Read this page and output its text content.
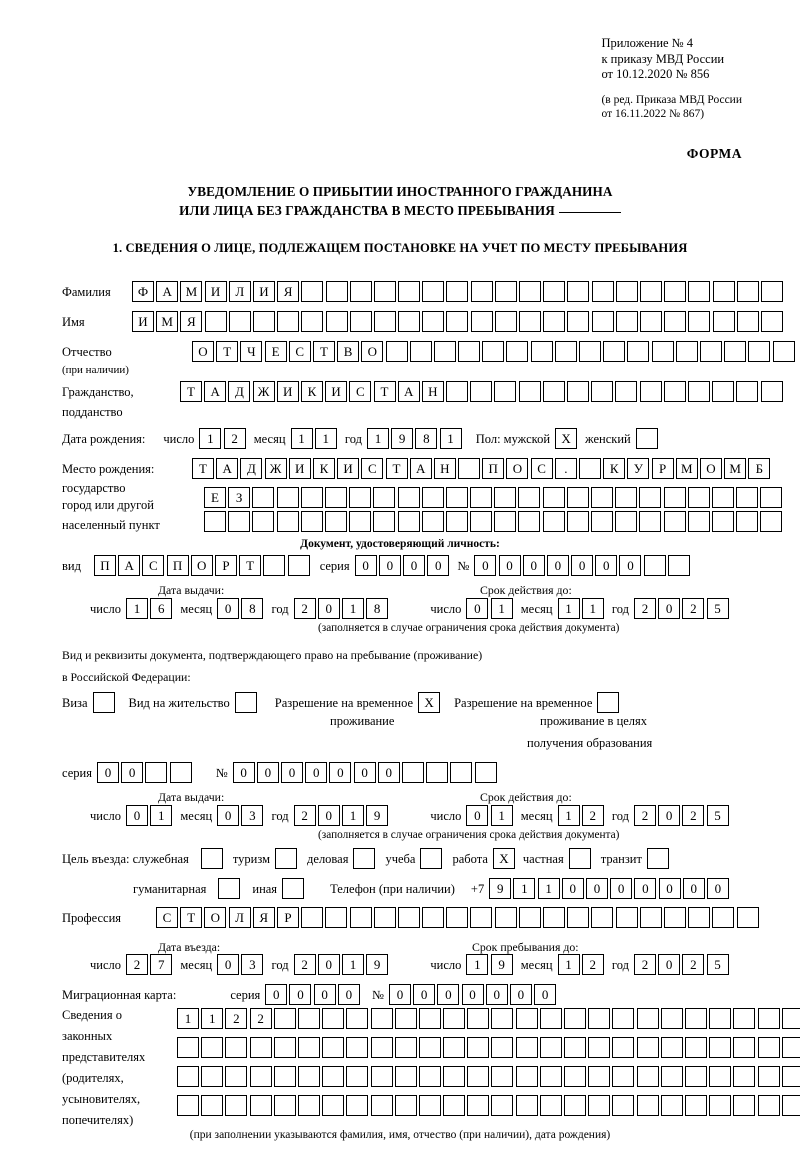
Приложение № 4
к приказу МВД России
от 10.12.2020 № 856
(в ред. Приказа МВД России
от 16.11.2022 № 867)
ФОРМА
УВЕДОМЛЕНИЕ О ПРИБЫТИИ ИНОСТРАННОГО ГРАЖДАНИНА
ИЛИ ЛИЦА БЕЗ ГРАЖДАНСТВА В МЕСТО ПРЕБЫВАНИЯ
1. СВЕДЕНИЯ О ЛИЦЕ, ПОДЛЕЖАЩЕМ ПОСТАНОВКЕ НА УЧЕТ ПО МЕСТУ ПРЕБЫВАНИЯ
Фамилия	Ф	А	М	И	Л	И	Я
Имя	И	М	Я
Отчество	О	Т	Ч	Е	С	Т	В	О
(при наличии)
Гражданство,	Т	А	Д	Ж	И	К	И	С	Т	А	Н
подданство
Дата рождения: число 1	2	месяц 1	1	год 1	9	8	1	Пол: мужской Х	женский
Место рождения:	Т	А	Д	Ж	И	К	И	С	Т	А	Н	П	О	С	.	К	У	Р	М	О	М	Б
государство
Е	З
город или другой
населенный пункт
Документ, удостоверяющий личность:
вид	П	А	С	П	О	Р	Т	серия 0	0	0	0	№ 0	0	0	0	0	0	0
Дата выдачи:	Срок действия до:
число 1	6	месяц 0	8	год 2	0	1	8	число 0	1	месяц 1	1	год 2	0	2	5
(заполняется в случае ограничения срока действия документа)
Вид и реквизиты документа, подтверждающего право на пребывание (проживание)
в Российской Федерации:
Виза	Вид на жительство	Разрешение на временное Х	Разрешение на временное
проживание	проживание в целях
получения образования
серия 0	0	№ 0	0	0	0	0	0	0
Дата выдачи:	Срок действия до:
число 0	1	месяц 0	3	год 2	0	1	9	число 0	1	месяц 1	2	год 2	0	2	5
(заполняется в случае ограничения срока действия документа)
Цель въезда: служебная	туризм	деловая	учеба	работа Х	частная	транзит
гуманитарная	иная	Телефон (при наличии) +7 9	1	1	0	0	0	0	0	0	0
Профессия	С	Т	О	Л	Я	Р
Дата въезда:	Срок пребывания до:
число 2	7	месяц 0	3	год 2	0	1	9	число 1	9	месяц 1	2	год 2	0	2	5
Миграционная карта:	серия 0	0	0	0	№ 0	0	0	0	0	0	0
Сведения о
законных
представителях
(родителях,
усыновителях,
попечителях)
1	1	2	2
(при заполнении указываются фамилия, имя, отчество (при наличии), дата рождения)
